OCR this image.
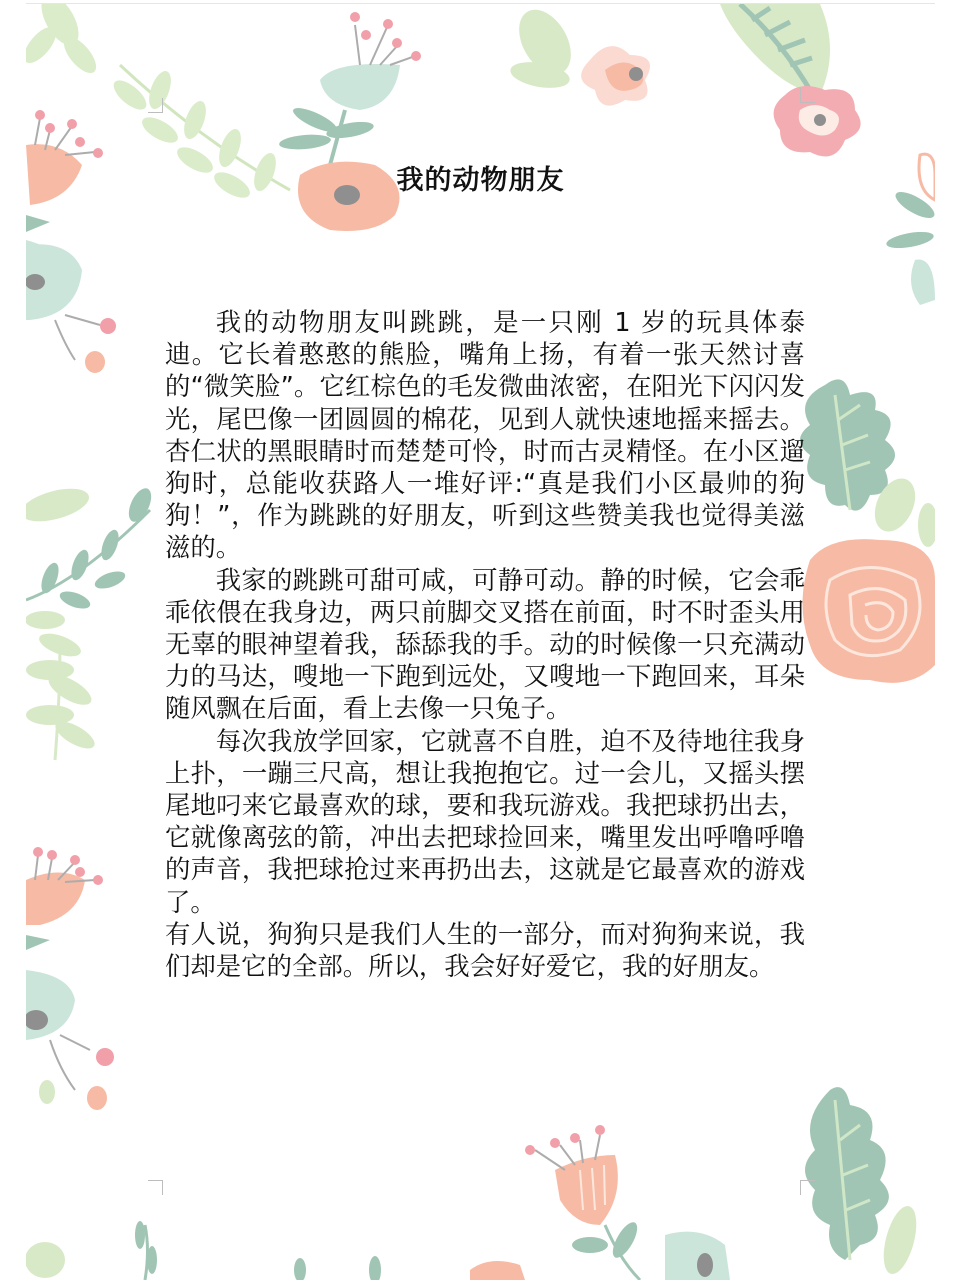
我的动物朋友

我的动物朋友叫跳跳，是一只刚 1 岁的玩具体泰迪。它长着憨憨的熊脸，嘴角上扬，有着一张天然讨喜的“微笑脸”。它红棕色的毛发微曲浓密，在阳光下闪闪发光，尾巴像一团圆圆的棉花，见到人就快速地摇来摇去。杏仁状的黑眼睛时而楚楚可怜，时而古灵精怪。在小区遛狗时，总能收获路人一堆好评:“真是我们小区最帅的狗狗！”，作为跳跳的好朋友，听到这些赞美我也觉得美滋滋的。

我家的跳跳可甜可咸，可静可动。静的时候，它会乖乖依偎在我身边，两只前脚交叉搭在前面，时不时歪头用无辜的眼神望着我，舔舔我的手。动的时候像一只充满动力的马达，嗖地一下跑到远处，又嗖地一下跑回来，耳朵随风飘在后面，看上去像一只兔子。

每次我放学回家，它就喜不自胜，迫不及待地往我身上扑，一蹦三尺高，想让我抱抱它。过一会儿，又摇头摆尾地叼来它最喜欢的球，要和我玩游戏。我把球扔出去，它就像离弦的箭，冲出去把球捡回来，嘴里发出呼噜呼噜的声音，我把球抢过来再扔出去，这就是它最喜欢的游戏了。

有人说，狗狗只是我们人生的一部分，而对狗狗来说，我们却是它的全部。所以，我会好好爱它，我的好朋友。
